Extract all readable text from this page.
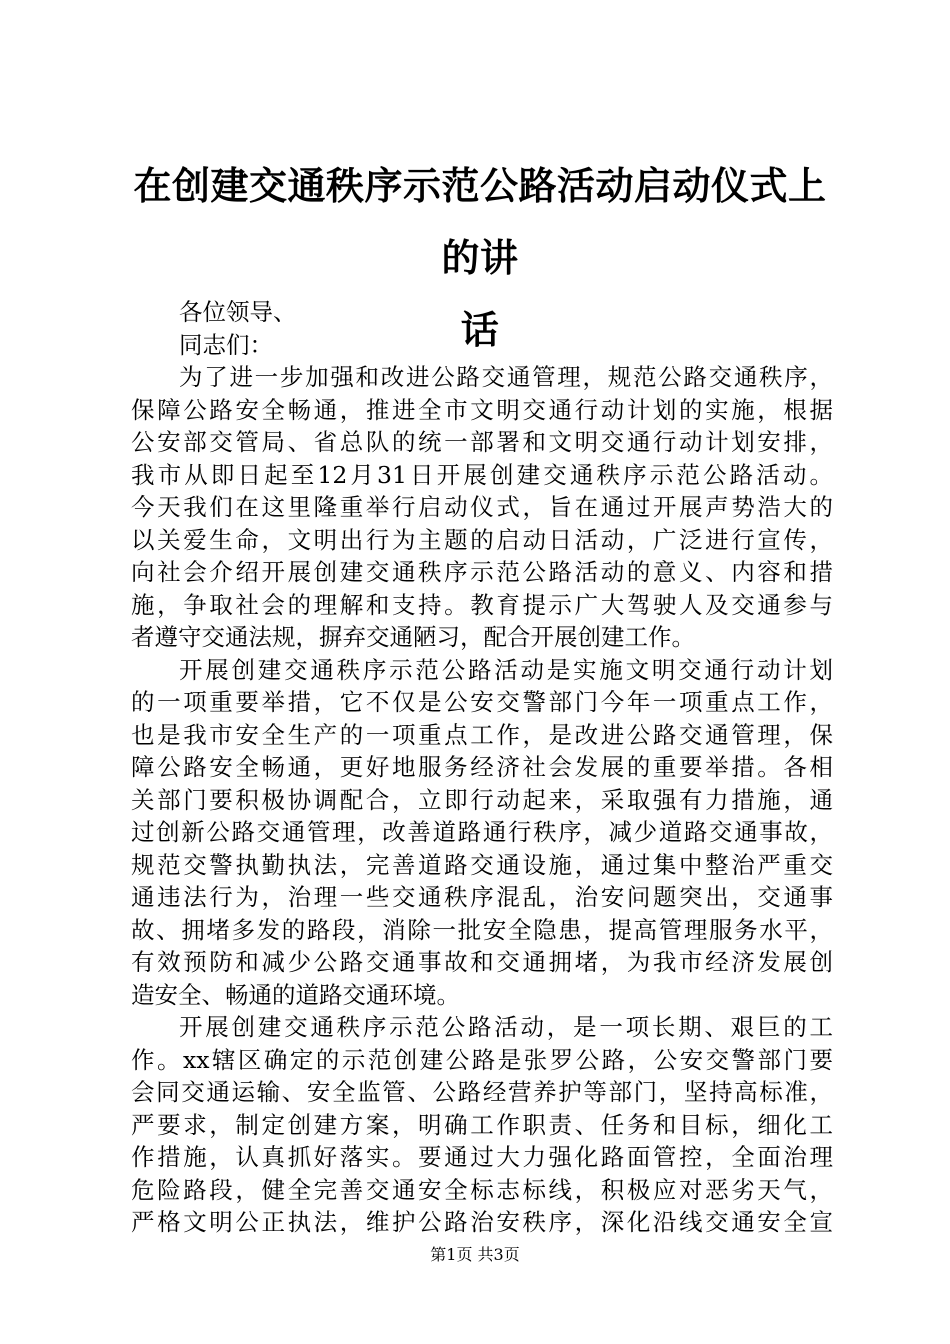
在创建交通秩序示范公路活动启动仪式上的讲
话
各位领导、
同志们：
为了进一步加强和改进公路交通管理，规范公路交通秩序，
保障公路安全畅通，推进全市文明交通行动计划的实施，根据
公安部交管局、省总队的统一部署和文明交通行动计划安排，
我市从即日起至12月31日开展创建交通秩序示范公路活动。
今天我们在这里隆重举行启动仪式，旨在通过开展声势浩大的
以关爱生命，文明出行为主题的启动日活动，广泛进行宣传，
向社会介绍开展创建交通秩序示范公路活动的意义、内容和措
施，争取社会的理解和支持。教育提示广大驾驶人及交通参与
者遵守交通法规，摒弃交通陋习，配合开展创建工作。
开展创建交通秩序示范公路活动是实施文明交通行动计划
的一项重要举措，它不仅是公安交警部门今年一项重点工作，
也是我市安全生产的一项重点工作，是改进公路交通管理，保
障公路安全畅通，更好地服务经济社会发展的重要举措。各相
关部门要积极协调配合，立即行动起来，采取强有力措施，通
过创新公路交通管理，改善道路通行秩序，减少道路交通事故，
规范交警执勤执法，完善道路交通设施，通过集中整治严重交
通违法行为，治理一些交通秩序混乱，治安问题突出，交通事
故、拥堵多发的路段，消除一批安全隐患，提高管理服务水平，
有效预防和减少公路交通事故和交通拥堵，为我市经济发展创
造安全、畅通的道路交通环境。
开展创建交通秩序示范公路活动，是一项长期、艰巨的工
作。xx辖区确定的示范创建公路是张罗公路，公安交警部门要
会同交通运输、安全监管、公路经营养护等部门，坚持高标准，
严要求，制定创建方案，明确工作职责、任务和目标，细化工
作措施，认真抓好落实。要通过大力强化路面管控，全面治理
危险路段，健全完善交通安全标志标线，积极应对恶劣天气，
严格文明公正执法，维护公路治安秩序，深化沿线交通安全宣
第1页 共3页
